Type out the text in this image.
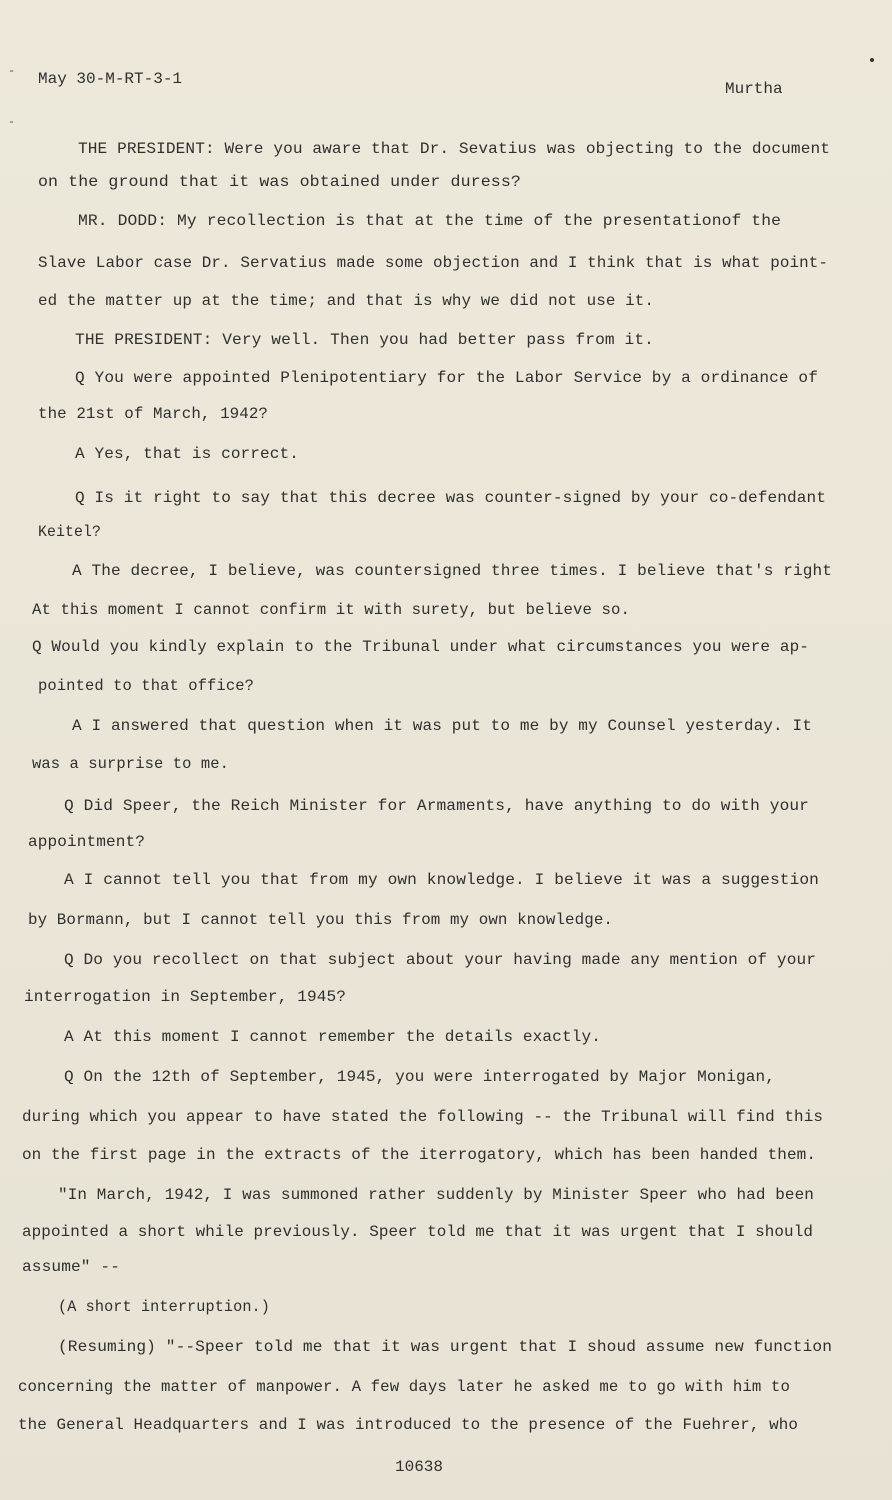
-
-
May 30-M-RT-3-1
Murtha
THE PRESIDENT: Were you aware that Dr. Sevatius was objecting to the document
on the ground that it was obtained under duress?
MR. DODD: My recollection is that at the time of the presentationof the
Slave Labor case Dr. Servatius made some objection and I think that is what point-
ed the matter up at the time; and that is why we did not use it.
THE PRESIDENT: Very well. Then you had better pass from it.
Q You were appointed Plenipotentiary for the Labor Service by a ordinance of
the 21st of March, 1942?
A Yes, that is correct.
Q Is it right to say that this decree was counter-signed by your co-defendant
Keitel?
A The decree, I believe, was countersigned three times. I believe that's right
At this moment I cannot confirm it with surety, but believe so.
Q Would you kindly explain to the Tribunal under what circumstances you were ap-
pointed to that office?
A I answered that question when it was put to me by my Counsel yesterday. It
was a surprise to me.
Q Did Speer, the Reich Minister for Armaments, have anything to do with your
appointment?
A I cannot tell you that from my own knowledge. I believe it was a suggestion
by Bormann, but I cannot tell you this from my own knowledge.
Q Do you recollect on that subject about your having made any mention of your
interrogation in September, 1945?
A At this moment I cannot remember the details exactly.
Q On the 12th of September, 1945, you were interrogated by Major Monigan,
during which you appear to have stated the following -- the Tribunal will find this
on the first page in the extracts of the iterrogatory, which has been handed them.
"In March, 1942, I was summoned rather suddenly by Minister Speer who had been
appointed a short while previously. Speer told me that it was urgent that I should
assume" --
(A short interruption.)
(Resuming) "--Speer told me that it was urgent that I shoud assume new function
concerning the matter of manpower. A few days later he asked me to go with him to
the General Headquarters and I was introduced to the presence of the Fuehrer, who
10638
